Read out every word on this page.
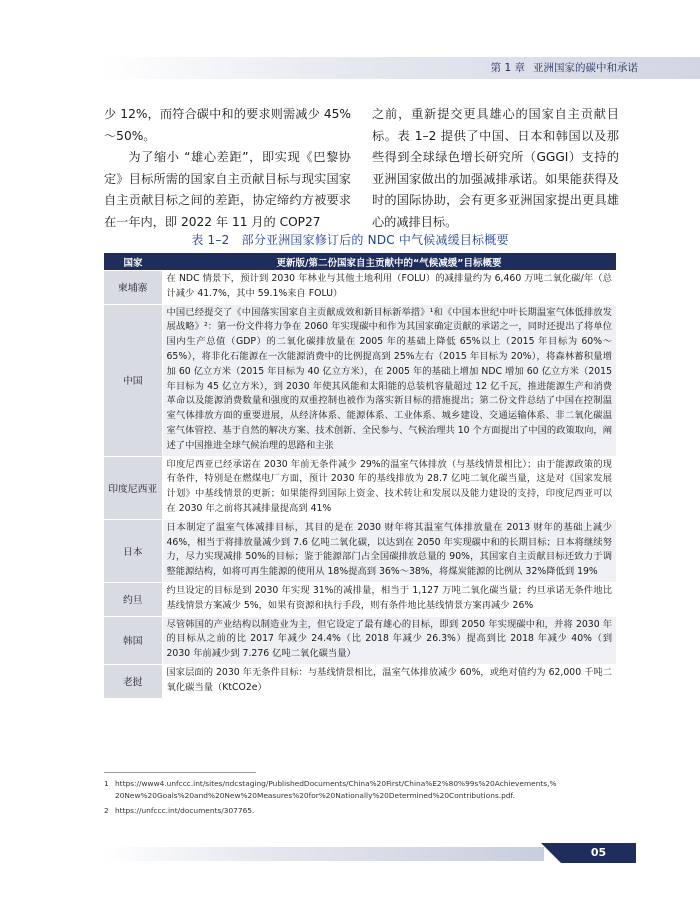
第 1 章 亚洲国家的碳中和承诺

少 12%，而符合碳中和的要求则需减少 45%～50%。

为了缩小 “雄心差距”，即实现《巴黎协定》目标所需的国家自主贡献目标与现实国家自主贡献目标之间的差距，协定缔约方被要求在一年内，即 2022 年 11 月的 COP27

之前，重新提交更具雄心的国家自主贡献目标。表 1–2 提供了中国、日本和韩国以及那些得到全球绿色增长研究所（GGGI）支持的亚洲国家做出的加强减排承诺。如果能获得及时的国际协助，会有更多亚洲国家提出更具雄心的减排目标。

表 1–2　部分亚洲国家修订后的 NDC 中气候减缓目标概要
国家	更新版/第二份国家自主贡献中的“气候减缓”目标概要
柬埔寨	在 NDC 情景下，预计到 2030 年林业与其他土地利用（FOLU）的减排量约为 6,460 万吨二氧化碳/年（总计减少 41.7%，其中 59.1%来自 FOLU）
中国	中国已经提交了《中国落实国家自主贡献成效和新目标新举措》¹和《中国本世纪中叶长期温室气体低排放发展战略》²：第一份文件将力争在 2060 年实现碳中和作为其国家确定贡献的承诺之一，同时还提出了将单位国内生产总值（GDP）的二氧化碳排放量在 2005 年的基础上降低 65%以上（2015 年目标为 60%～65%），将非化石能源在一次能源消费中的比例提高到 25%左右（2015 年目标为 20%），将森林蓄积量增加 60 亿立方米（2015 年目标为 40 亿立方米），在 2005 年的基础上增加 NDC 增加 60 亿立方米（2015 年目标为 45 亿立方米），到 2030 年使其风能和太阳能的总装机容量超过 12 亿千瓦，推进能源生产和消费革命以及能源消费数量和强度的双重控制也被作为落实新目标的措施提出；第二份文件总结了中国在控制温室气体排放方面的重要进展，从经济体系、能源体系、工业体系、城乡建设、交通运输体系、非二氧化碳温室气体管控、基于自然的解决方案、技术创新、全民参与、气候治理共 10 个方面提出了中国的政策取向，阐述了中国推进全球气候治理的思路和主张
印度尼西亚	印度尼西亚已经承诺在 2030 年前无条件减少 29%的温室气体排放（与基线情景相比）；由于能源政策的现有条件，特别是在燃煤电厂方面，预计 2030 年的基线排放为 28.7 亿吨二氧化碳当量，这是对《国家发展计划》中基线情景的更新；如果能得到国际上资金、技术转让和发展以及能力建设的支持，印度尼西亚可以在 2030 年之前将其减排量提高到 41%
日本	日本制定了温室气体减排目标，其目的是在 2030 财年将其温室气体排放量在 2013 财年的基础上减少 46%，相当于将排放量减少到 7.6 亿吨二氧化碳，以达到在 2050 年实现碳中和的长期目标；日本将继续努力，尽力实现减排 50%的目标；鉴于能源部门占全国碳排放总量的 90%，其国家自主贡献目标还致力于调整能源结构，如将可再生能源的使用从 18%提高到 36%～38%，将煤炭能源的比例从 32%降低到 19%
约旦	约旦设定的目标是到 2030 年实现 31%的减排量，相当于 1,127 万吨二氧化碳当量；约旦承诺无条件地比基线情景方案减少 5%，如果有资源和执行手段，则有条件地比基线情景方案再减少 26%
韩国	尽管韩国的产业结构以制造业为主，但它设定了最有雄心的目标，即到 2050 年实现碳中和，并将 2030 年的目标从之前的比 2017 年减少 24.4%（比 2018 年减少 26.3%）提高到比 2018 年减少 40%（到 2030 年前减少到 7.276 亿吨二氧化碳当量）
老挝	国家层面的 2030 年无条件目标：与基线情景相比，温室气体排放减少 60%，或绝对值约为 62,000 千吨二氧化碳当量（KtCO2e）
1 https://www4.unfccc.int/sites/ndcstaging/PublishedDocuments/China%20First/China%E2%80%99s%20Achievements,%
20New%20Goals%20and%20New%20Measures%20for%20Nationally%20Determined%20Contributions.pdf.
2 https://unfccc.int/documents/307765.
05
